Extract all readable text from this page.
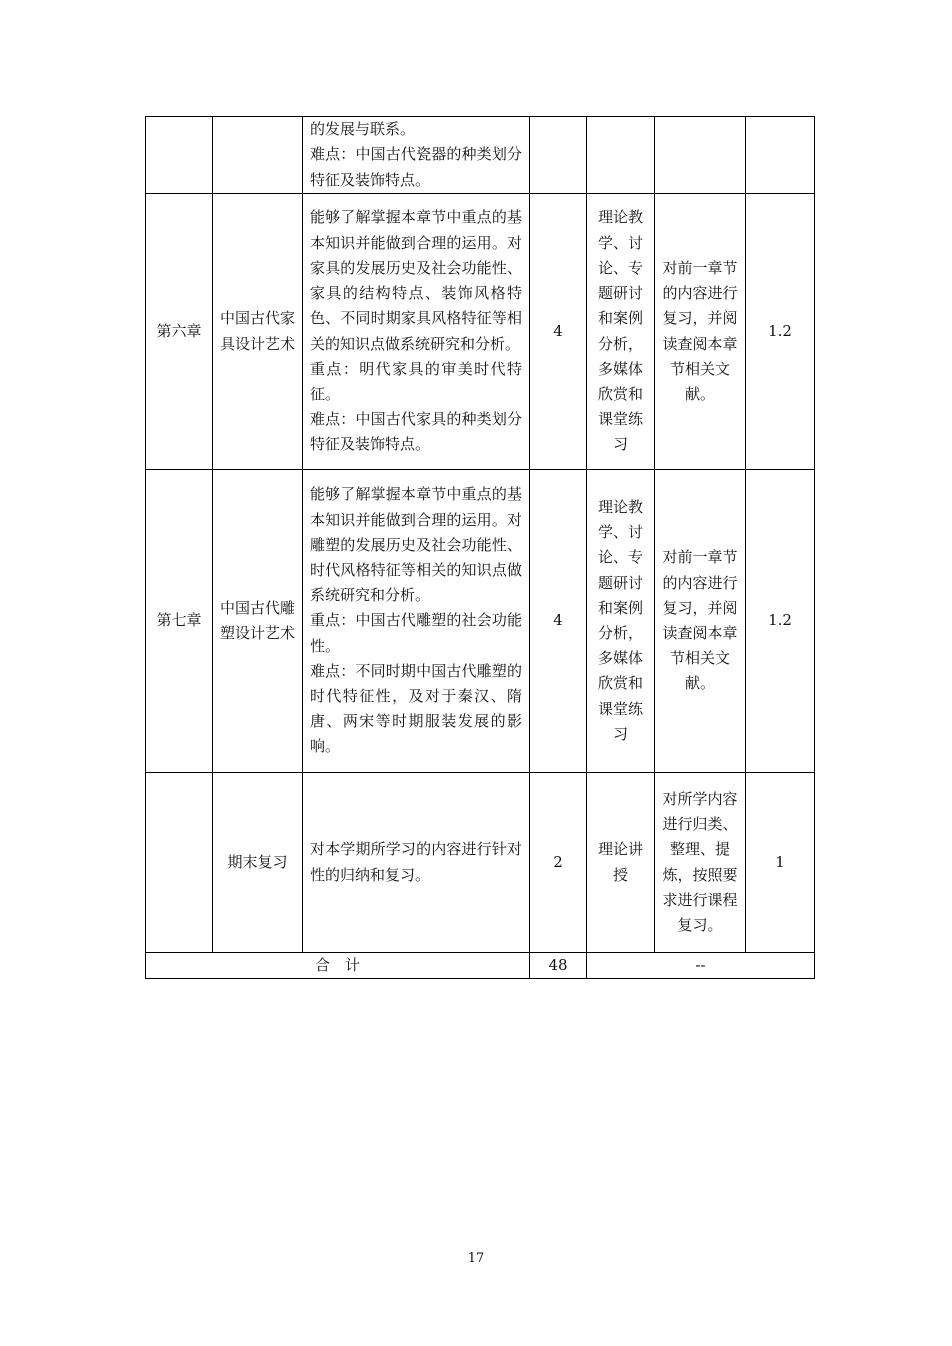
		的发展与联系。
难点：中国古代瓷器的种类划分特征及装饰特点。				

第六章	中国古代家具设计艺术	能够了解掌握本章节中重点的基本知识并能做到合理的运用。对家具的发展历史及社会功能性、家具的结构特点、装饰风格特色、不同时期家具风格特征等相关的知识点做系统研究和分析。
重点：明代家具的审美时代特征。
难点：中国古代家具的种类划分特征及装饰特点。	4	理论教学、讨论、专题研讨和案例分析，多媒体欣赏和课堂练习	对前一章节的内容进行复习，并阅读查阅本章节相关文献。	1.2
第七章	中国古代雕塑设计艺术	能够了解掌握本章节中重点的基本知识并能做到合理的运用。对雕塑的发展历史及社会功能性、时代风格特征等相关的知识点做系统研究和分析。
重点：中国古代雕塑的社会功能性。
难点：不同时期中国古代雕塑的时代特征性，及对于秦汉、隋唐、两宋等时期服装发展的影响。	4	理论教学、讨论、专题研讨和案例分析，多媒体欣赏和课堂练习	对前一章节的内容进行复习，并阅读查阅本章节相关文献。	1.2
	期末复习	对本学期所学习的内容进行针对性的归纳和复习。	2	理论讲授	对所学内容进行归类、整理、提炼，按照要求进行课程复习。	1
合　计			48	--		
17
